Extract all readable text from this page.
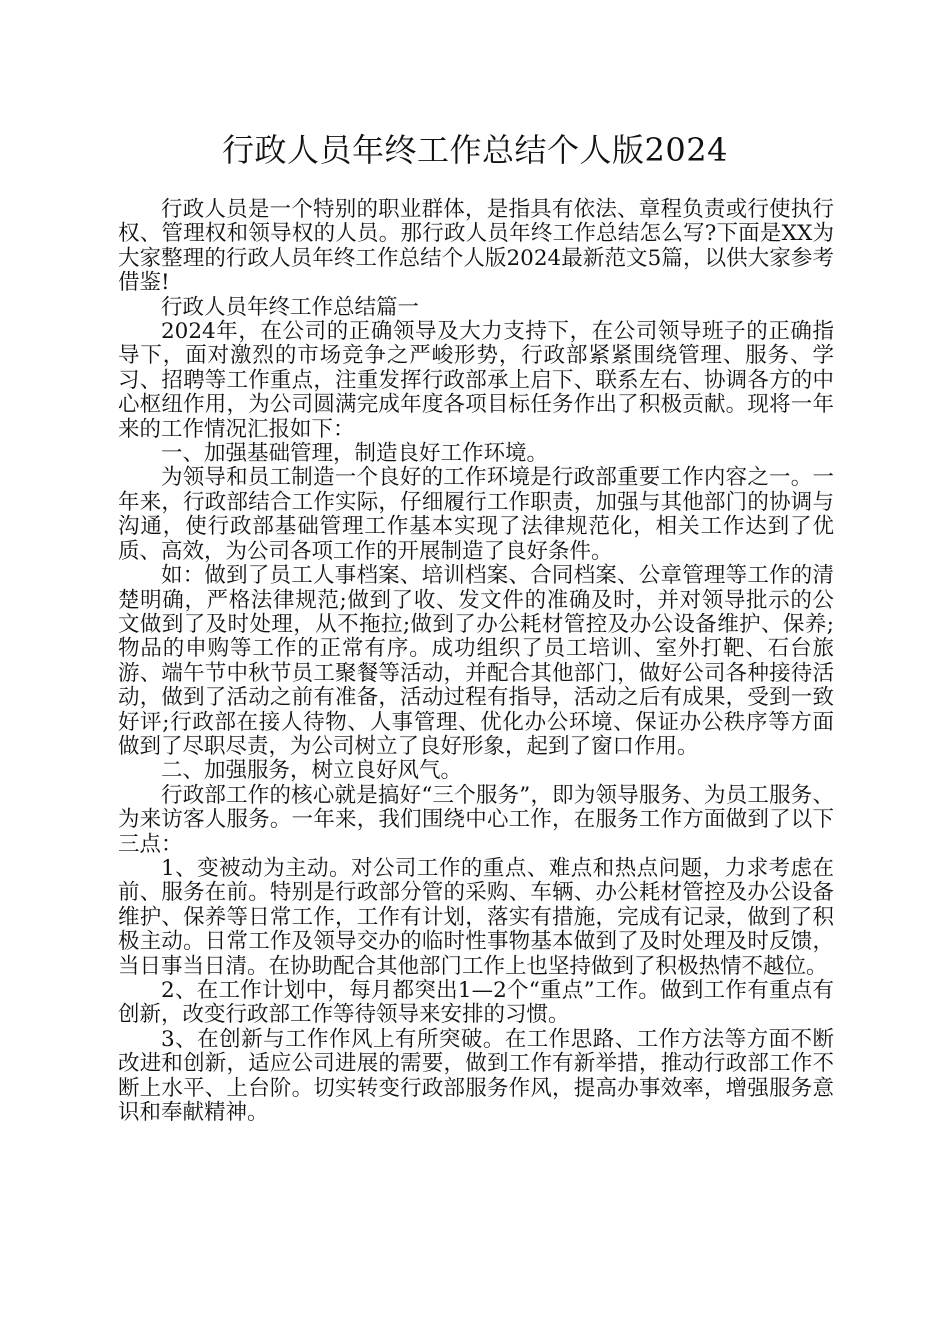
行政人员年终工作总结个人版2024

行政人员是一个特别的职业群体，是指具有依法、章程负责或行使执行权、管理权和领导权的人员。那行政人员年终工作总结怎么写?下面是XX为大家整理的行政人员年终工作总结个人版2024最新范文5篇，以供大家参考借鉴!

行政人员年终工作总结篇一

2024年，在公司的正确领导及大力支持下，在公司领导班子的正确指导下，面对激烈的市场竞争之严峻形势，行政部紧紧围绕管理、服务、学习、招聘等工作重点，注重发挥行政部承上启下、联系左右、协调各方的中心枢纽作用，为公司圆满完成年度各项目标任务作出了积极贡献。现将一年来的工作情况汇报如下：

一、加强基础管理，制造良好工作环境。

为领导和员工制造一个良好的工作环境是行政部重要工作内容之一。一年来，行政部结合工作实际，仔细履行工作职责，加强与其他部门的协调与沟通，使行政部基础管理工作基本实现了法律规范化，相关工作达到了优质、高效，为公司各项工作的开展制造了良好条件。

如：做到了员工人事档案、培训档案、合同档案、公章管理等工作的清楚明确，严格法律规范;做到了收、发文件的准确及时，并对领导批示的公文做到了及时处理，从不拖拉;做到了办公耗材管控及办公设备维护、保养;物品的申购等工作的正常有序。成功组织了员工培训、室外打靶、石台旅游、端午节中秋节员工聚餐等活动，并配合其他部门，做好公司各种接待活动，做到了活动之前有准备，活动过程有指导，活动之后有成果，受到一致好评;行政部在接人待物、人事管理、优化办公环境、保证办公秩序等方面做到了尽职尽责，为公司树立了良好形象，起到了窗口作用。

二、加强服务，树立良好风气。

行政部工作的核心就是搞好“三个服务”，即为领导服务、为员工服务、为来访客人服务。一年来，我们围绕中心工作，在服务工作方面做到了以下三点：

1、变被动为主动。对公司工作的重点、难点和热点问题，力求考虑在前、服务在前。特别是行政部分管的采购、车辆、办公耗材管控及办公设备维护、保养等日常工作，工作有计划，落实有措施，完成有记录，做到了积极主动。日常工作及领导交办的临时性事物基本做到了及时处理及时反馈，当日事当日清。在协助配合其他部门工作上也坚持做到了积极热情不越位。

2、在工作计划中，每月都突出1—2个“重点”工作。做到工作有重点有创新，改变行政部工作等待领导来安排的习惯。

3、在创新与工作作风上有所突破。在工作思路、工作方法等方面不断改进和创新，适应公司进展的需要，做到工作有新举措，推动行政部工作不断上水平、上台阶。切实转变行政部服务作风，提高办事效率，增强服务意识和奉献精神。
